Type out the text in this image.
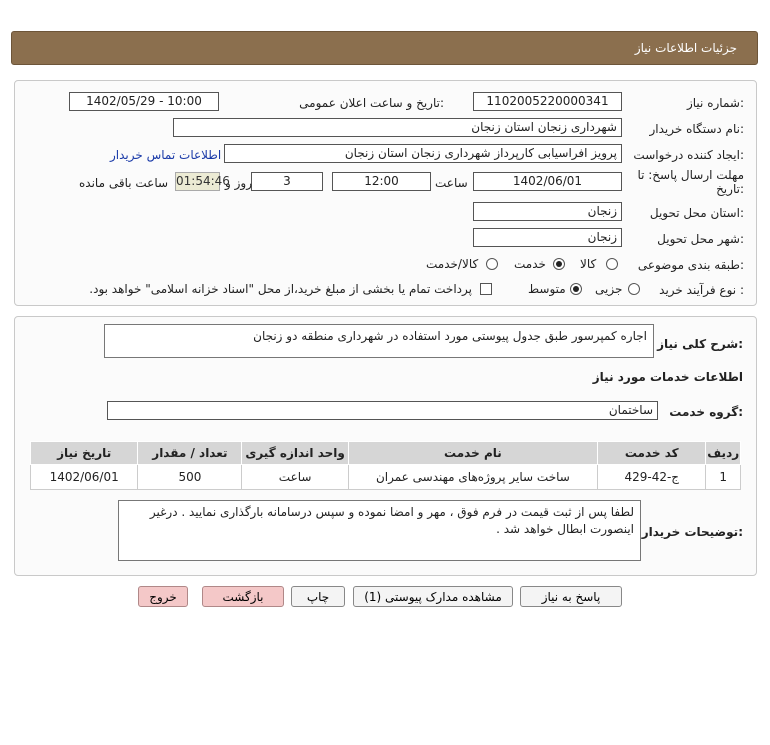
جزئیات اطلاعات نیاز
شماره نیاز:
1102005220000341
تاریخ و ساعت اعلان عمومی:
1402/05/29 - 10:00
نام دستگاه خریدار:
شهرداری زنجان استان زنجان
ایجاد کننده درخواست:
پرویز افراسیابی کارپرداز شهرداری زنجان استان زنجان
اطلاعات تماس خریدار
مهلت ارسال پاسخ: تا
تاریخ:
1402/06/01
ساعت
12:00
3
روز و
01:54:46
ساعت باقی مانده
استان محل تحویل:
زنجان
شهر محل تحویل:
زنجان
طبقه بندی موضوعی:
کالا
خدمت
کالا/خدمت
نوع فرآیند خرید :
جزیی
متوسط
پرداخت تمام یا بخشی از مبلغ خرید،از محل "اسناد خزانه اسلامی" خواهد بود.
شرح کلی نیاز:
اجاره کمپرسور طبق جدول پیوستی مورد استفاده در شهرداری منطقه دو زنجان
اطلاعات خدمات مورد نیاز
گروه خدمت:
ساختمان
ردیف	کد خدمت	نام خدمت	واحد اندازه گیری	تعداد / مقدار	تاریخ نیاز
1	ج-42-429	ساخت سایر پروژه‌های مهندسی عمران	ساعت	500	1402/06/01
توضیحات خریدار:
لطفا پس از ثبت قیمت در فرم فوق ، مهر و امضا نموده و سپس درسامانه بارگذاری نمایید . درغیر اینصورت ابطال خواهد شد .
پاسخ به نیاز
مشاهده مدارک پیوستی (1)
چاپ
بازگشت
خروج
